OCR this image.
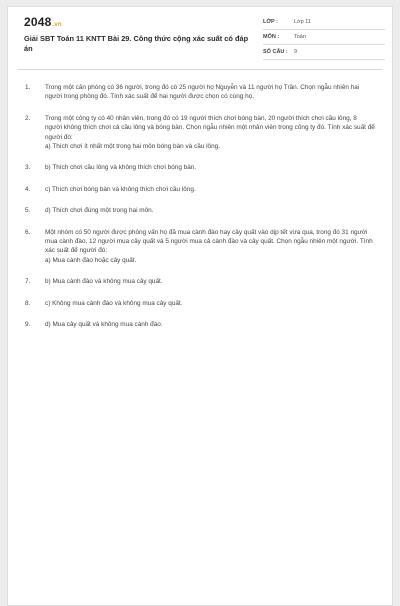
2048.vn
Giải SBT Toán 11 KNTT Bài 29. Công thức cộng xác suất có đáp án
LỚP :	Lớp 11
MÔN :	Toán
SỐ CÂU : 9
1. Trong một căn phòng có 36 người, trong đó có 25 người họ Nguyễn và 11 người họ Trần. Chọn ngẫu nhiên hai người trong phòng đó. Tính xác suất để hai người được chọn có cùng họ.
2. Trong một công ty có 40 nhân viên, trong đó có 19 người thích chơi bóng bàn, 20 người thích chơi cầu lông, 8 người không thích chơi cả cầu lông và bóng bàn. Chọn ngẫu nhiên một nhân viên trong công ty đó. Tính xác suất để người đó:
a) Thích chơi ít nhất một trong hai môn bóng bàn và cầu lông.
3. b) Thích chơi cầu lông và không thích chơi bóng bàn.
4. c) Thích chơi bóng bàn và không thích chơi cầu lông.
5. d) Thích chơi đúng một trong hai môn.
6. Một nhóm có 50 người được phỏng vấn họ đã mua cành đào hay cây quất vào dịp tết vừa qua, trong đó 31 người mua cành đào, 12 người mua cây quất và 5 người mua cả cành đào và cây quất. Chọn ngẫu nhiên một người. Tính xác suất để người đó:
a) Mua cành đào hoặc cây quất.
7. b) Mua cành đào và không mua cây quất.
8. c) Không mua cành đào và không mua cây quất.
9. d) Mua cây quất và không mua cành đào.
